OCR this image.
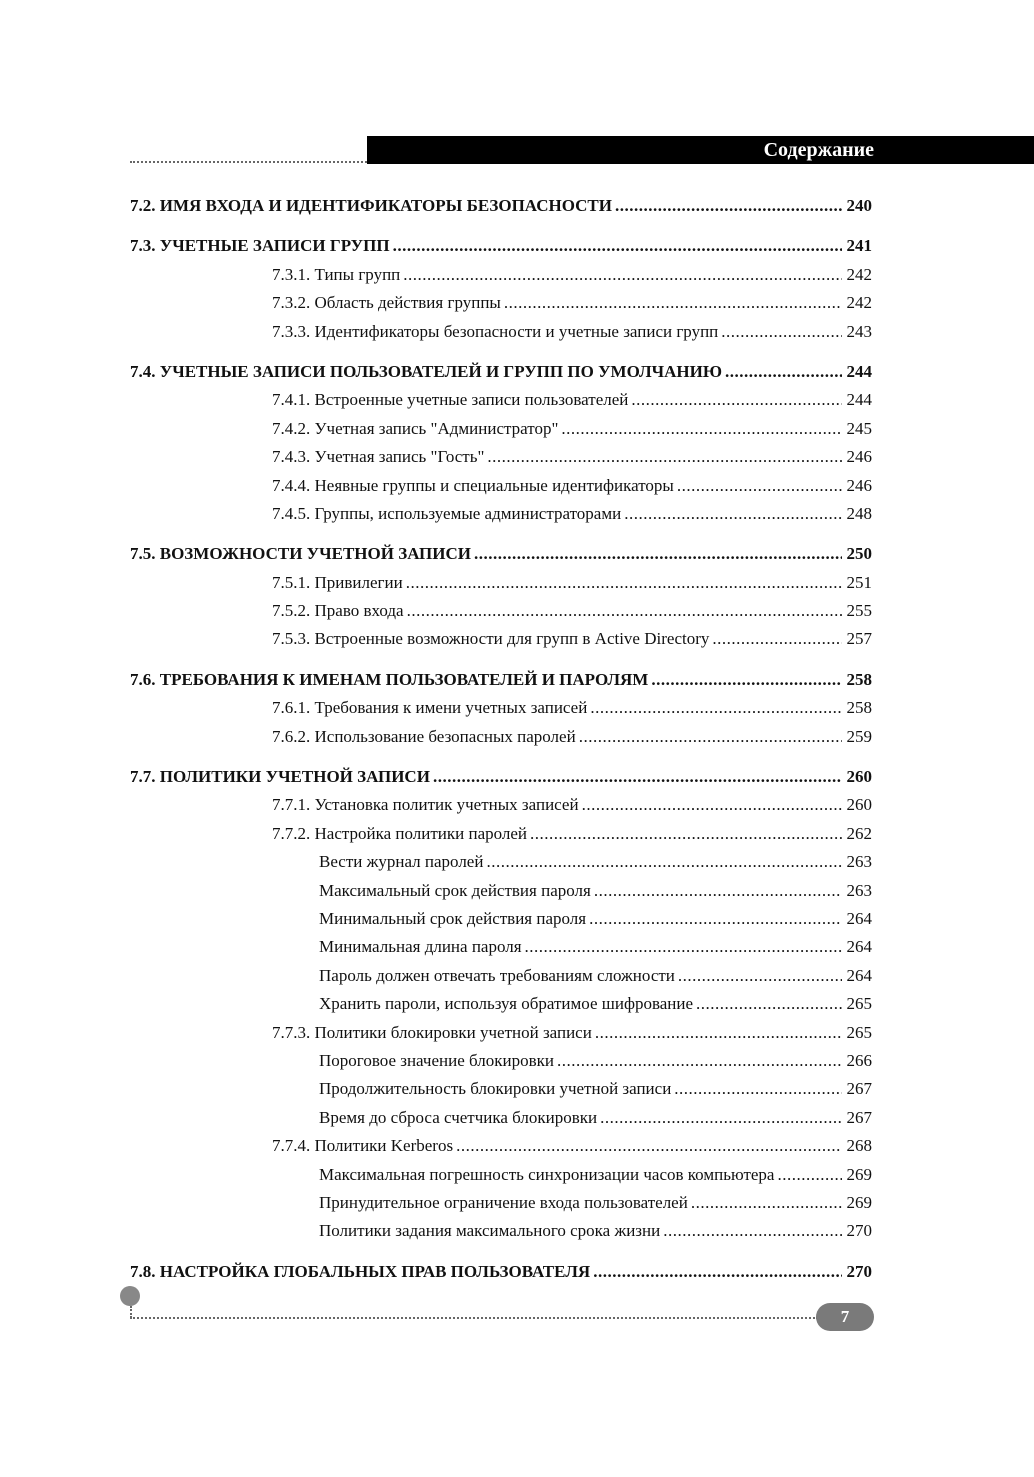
Содержание
7.2. ИМЯ ВХОДА И ИДЕНТИФИКАТОРЫ БЕЗОПАСНОСТИ .....	240
7.3. УЧЕТНЫЕ ЗАПИСИ ГРУПП .....	241
7.3.1. Типы групп .....	242
7.3.2. Область действия группы .....	242
7.3.3. Идентификаторы безопасности и учетные записи групп .....	243
7.4. УЧЕТНЫЕ ЗАПИСИ ПОЛЬЗОВАТЕЛЕЙ И ГРУПП ПО УМОЛЧАНИЮ .....	244
7.4.1. Встроенные учетные записи пользователей .....	244
7.4.2. Учетная запись "Администратор" .....	245
7.4.3. Учетная запись "Гость" .....	246
7.4.4. Неявные группы и специальные идентификаторы .....	246
7.4.5. Группы, используемые администраторами .....	248
7.5. ВОЗМОЖНОСТИ УЧЕТНОЙ ЗАПИСИ .....	250
7.5.1. Привилегии .....	251
7.5.2. Право входа .....	255
7.5.3. Встроенные возможности для групп в Active Directory .....	257
7.6. ТРЕБОВАНИЯ К ИМЕНАМ ПОЛЬЗОВАТЕЛЕЙ И ПАРОЛЯМ .....	258
7.6.1. Требования к имени учетных записей .....	258
7.6.2. Использование безопасных паролей .....	259
7.7. ПОЛИТИКИ УЧЕТНОЙ ЗАПИСИ .....	260
7.7.1. Установка политик учетных записей .....	260
7.7.2. Настройка политики паролей .....	262
Вести журнал паролей .....	263
Максимальный срок действия пароля .....	263
Минимальный срок действия пароля .....	264
Минимальная длина пароля .....	264
Пароль должен отвечать требованиям сложности .....	264
Хранить пароли, используя обратимое шифрование .....	265
7.7.3. Политики блокировки учетной записи .....	265
Пороговое значение блокировки .....	266
Продолжительность блокировки учетной записи .....	267
Время до сброса счетчика блокировки .....	267
7.7.4. Политики Kerberos .....	268
Максимальная погрешность синхронизации часов компьютера .....	269
Принудительное ограничение входа пользователей .....	269
Политики задания максимального срока жизни .....	270
7.8. НАСТРОЙКА ГЛОБАЛЬНЫХ ПРАВ ПОЛЬЗОВАТЕЛЯ .....	270
7
